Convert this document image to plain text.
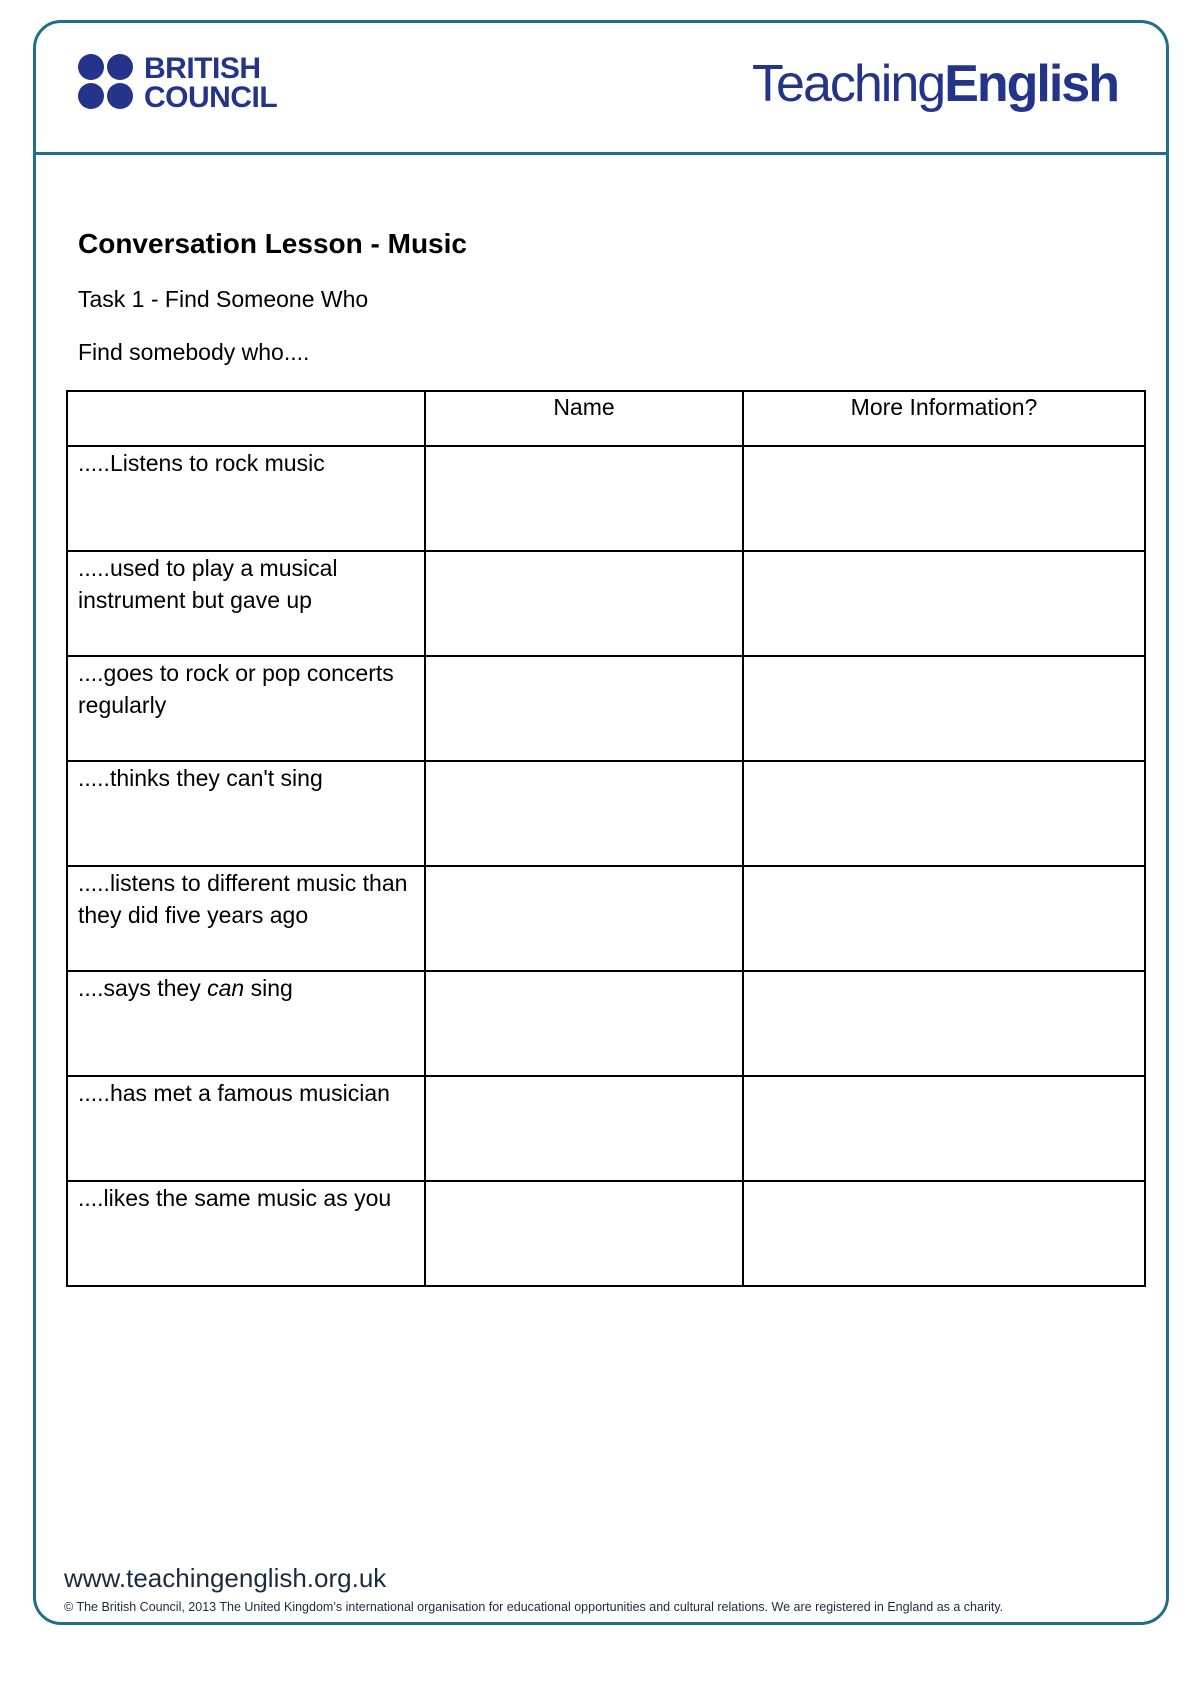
BRITISH
COUNCIL	TeachingEnglish
Conversation Lesson - Music
Task 1 - Find Someone Who
Find somebody who....
	Name	More Information?
.....Listens to rock music		
.....used to play a musical instrument but gave up		
....goes to rock or pop concerts regularly		
.....thinks they can't sing		
.....listens to different music than they did five years ago		
....says they can sing		
.....has met a famous musician		
....likes the same music as you		
www.teachingenglish.org.uk
© The British Council, 2013 The United Kingdom’s international organisation for educational opportunities and cultural relations. We are registered in England as a charity.
